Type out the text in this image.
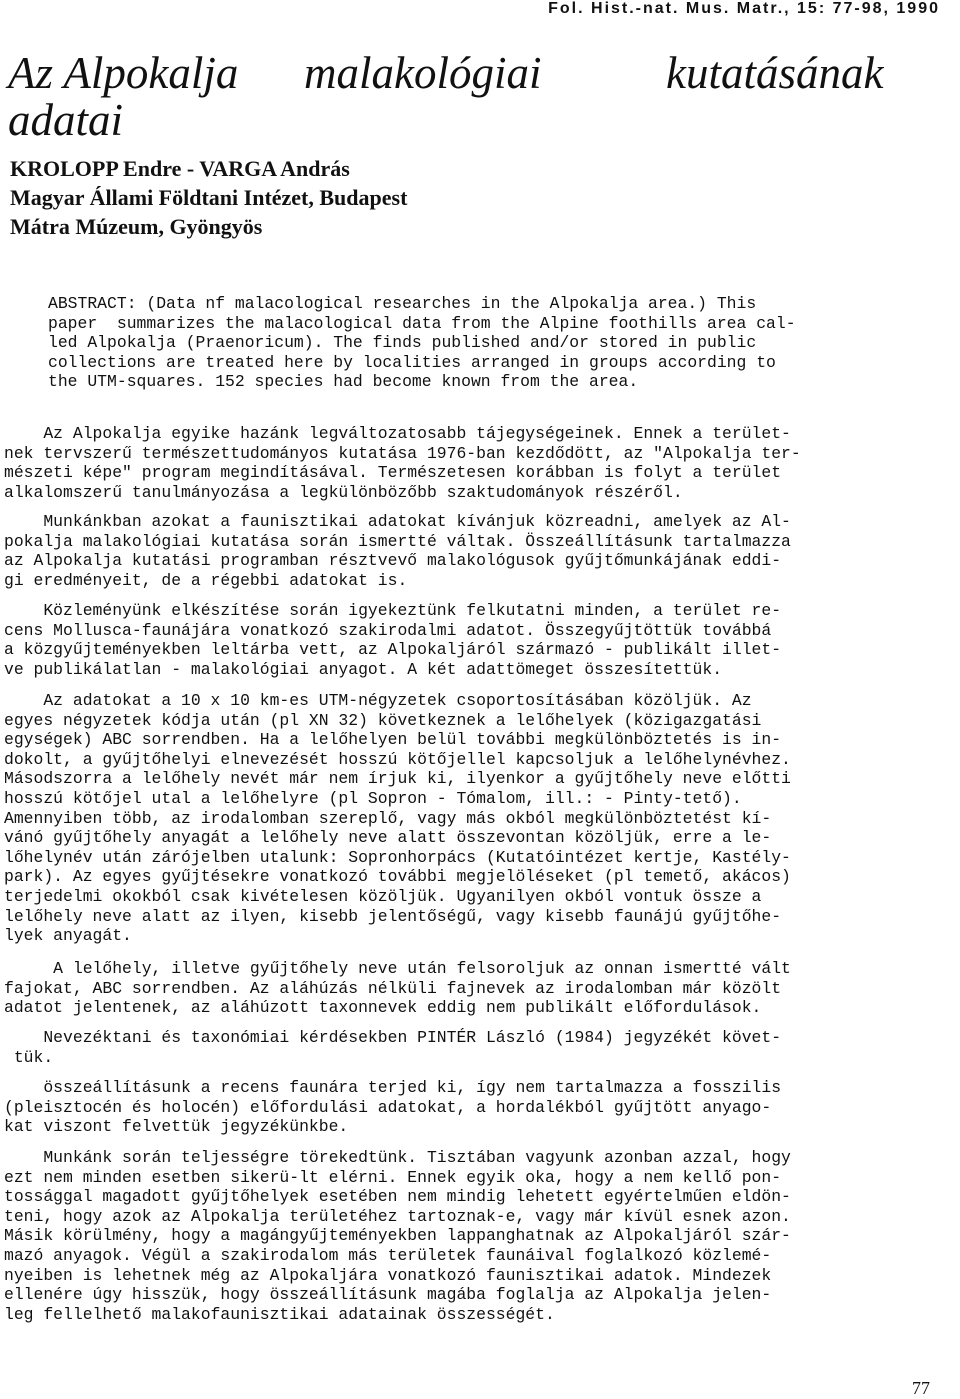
Fol. Hist.-nat. Mus. Matr., 15: 77-98, 1990
Az Alpokalja malakológiai	kutatásának
adatai
KROLOPP Endre - VARGA András
Magyar Állami Földtani Intézet, Budapest
Mátra Múzeum, Gyöngyös
ABSTRACT: (Data nf malacological researches in the Alpokalja area.) This
paper  summarizes the malacological data from the Alpine foothills area cal-
led Alpokalja (Praenoricum). The finds published and/or stored in public
collections are treated here by localities arranged in groups according to
the UTM-squares. 152 species had become known from the area.
Az Alpokalja egyike hazánk legváltozatosabb tájegységeinek. Ennek a terület-
nek tervszerű természettudományos kutatása 1976-ban kezdődött, az "Alpokalja ter-
mészeti képe" program megindításával. Természetesen korábban is folyt a terület
alkalomszerű tanulmányozása a legkülönbözőbb szaktudományok részéről.
Munkánkban azokat a faunisztikai adatokat kívánjuk közreadni, amelyek az Al-
pokalja malakológiai kutatása során ismertté váltak. Összeállításunk tartalmazza
az Alpokalja kutatási programban résztvevő malakológusok gyűjtőmunkájának eddi-
gi eredményeit, de a régebbi adatokat is.
Közleményünk elkészítése során igyekeztünk felkutatni minden, a terület re-
cens Mollusca-faunájára vonatkozó szakirodalmi adatot. Összegyűjtöttük továbbá
a közgyűjteményekben leltárba vett, az Alpokaljáról származó - publikált illet-
ve publikálatlan - malakológiai anyagot. A két adattömeget összesítettük.
Az adatokat a 10 x 10 km-es UTM-négyzetek csoportosításában közöljük. Az
egyes négyzetek kódja után (pl XN 32) következnek a lelőhelyek (közigazgatási
egységek) ABC sorrendben. Ha a lelőhelyen belül további megkülönböztetés is in-
dokolt, a gyűjtőhelyi elnevezését hosszú kötőjellel kapcsoljuk a lelőhelynévhez.
Másodszorra a lelőhely nevét már nem írjuk ki, ilyenkor a gyűjtőhely neve előtti
hosszú kötőjel utal a lelőhelyre (pl Sopron - Tómalom, ill.: - Pinty-tető).
Amennyiben több, az irodalomban szereplő, vagy más okból megkülönböztetést kí-
vánó gyűjtőhely anyagát a lelőhely neve alatt összevontan közöljük, erre a le-
lőhelynév után zárójelben utalunk: Sopronhorpács (Kutatóintézet kertje, Kastély-
park). Az egyes gyűjtésekre vonatkozó további megjelöléseket (pl temető, akácos)
terjedelmi okokból csak kivételesen közöljük. Ugyanilyen okból vontuk össze a
lelőhely neve alatt az ilyen, kisebb jelentőségű, vagy kisebb faunájú gyűjtőhe-
lyek anyagát.
A lelőhely, illetve gyűjtőhely neve után felsoroljuk az onnan ismertté vált
fajokat, ABC sorrendben. Az aláhúzás nélküli fajnevek az irodalomban már közölt
adatot jelentenek, az aláhúzott taxonnevek eddig nem publikált előfordulások.
Nevezéktani és taxonómiai kérdésekben PINTÉR László (1984) jegyzékét követ-
tük.
összeállításunk a recens faunára terjed ki, így nem tartalmazza a fosszilis
(pleisztocén és holocén) előfordulási adatokat, a hordalékból gyűjtött anyago-
kat viszont felvettük jegyzékünkbe.
Munkánk során teljességre törekedtünk. Tisztában vagyunk azonban azzal, hogy
ezt nem minden esetben sikerü-lt elérni. Ennek egyik oka, hogy a nem kellő pon-
tossággal magadott gyűjtőhelyek esetében nem mindig lehetett egyértelműen eldön-
teni, hogy azok az Alpokalja területéhez tartoznak-e, vagy már kívül esnek azon.
Másik körülmény, hogy a magángyűjteményekben lappanghatnak az Alpokaljáról szár-
mazó anyagok. Végül a szakirodalom más területek faunáival foglalkozó közlemé-
nyeiben is lehetnek még az Alpokaljára vonatkozó faunisztikai adatok. Mindezek
ellenére úgy hisszük, hogy összeállításunk magába foglalja az Alpokalja jelen-
leg fellelhető malakofaunisztikai adatainak összességét.
77
